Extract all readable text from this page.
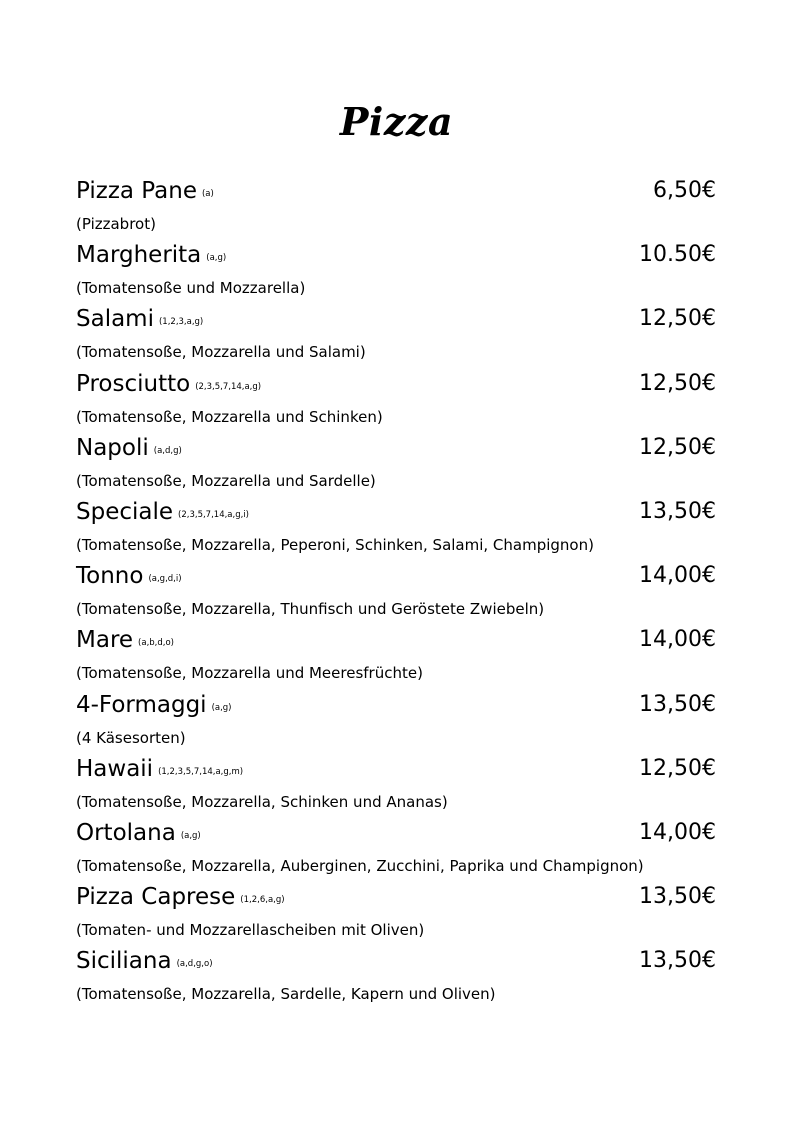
Pizza
Pizza Pane (a)	6,50€
(Pizzabrot)
Margherita (a,g)	10.50€
(Tomatensoße und Mozzarella)
Salami (1,2,3,a,g)	12,50€
(Tomatensoße, Mozzarella und Salami)
Prosciutto (2,3,5,7,14,a,g)	12,50€
(Tomatensoße, Mozzarella und Schinken)
Napoli (a,d,g)	12,50€
(Tomatensoße, Mozzarella und Sardelle)
Speciale (2,3,5,7,14,a,g,i)	13,50€
(Tomatensoße, Mozzarella, Peperoni, Schinken, Salami, Champignon)
Tonno (a,g,d,i)	14,00€
(Tomatensoße, Mozzarella, Thunfisch und Geröstete Zwiebeln)
Mare (a,b,d,o)	14,00€
(Tomatensoße, Mozzarella und Meeresfrüchte)
4-Formaggi (a,g)	13,50€
(4 Käsesorten)
Hawaii (1,2,3,5,7,14,a,g,m)	12,50€
(Tomatensoße, Mozzarella, Schinken und Ananas)
Ortolana (a,g)	14,00€
(Tomatensoße, Mozzarella, Auberginen, Zucchini, Paprika und Champignon)
Pizza Caprese (1,2,6,a,g)	13,50€
(Tomaten- und Mozzarellascheiben mit Oliven)
Siciliana (a,d,g,o)	13,50€
(Tomatensoße, Mozzarella, Sardelle, Kapern und Oliven)
